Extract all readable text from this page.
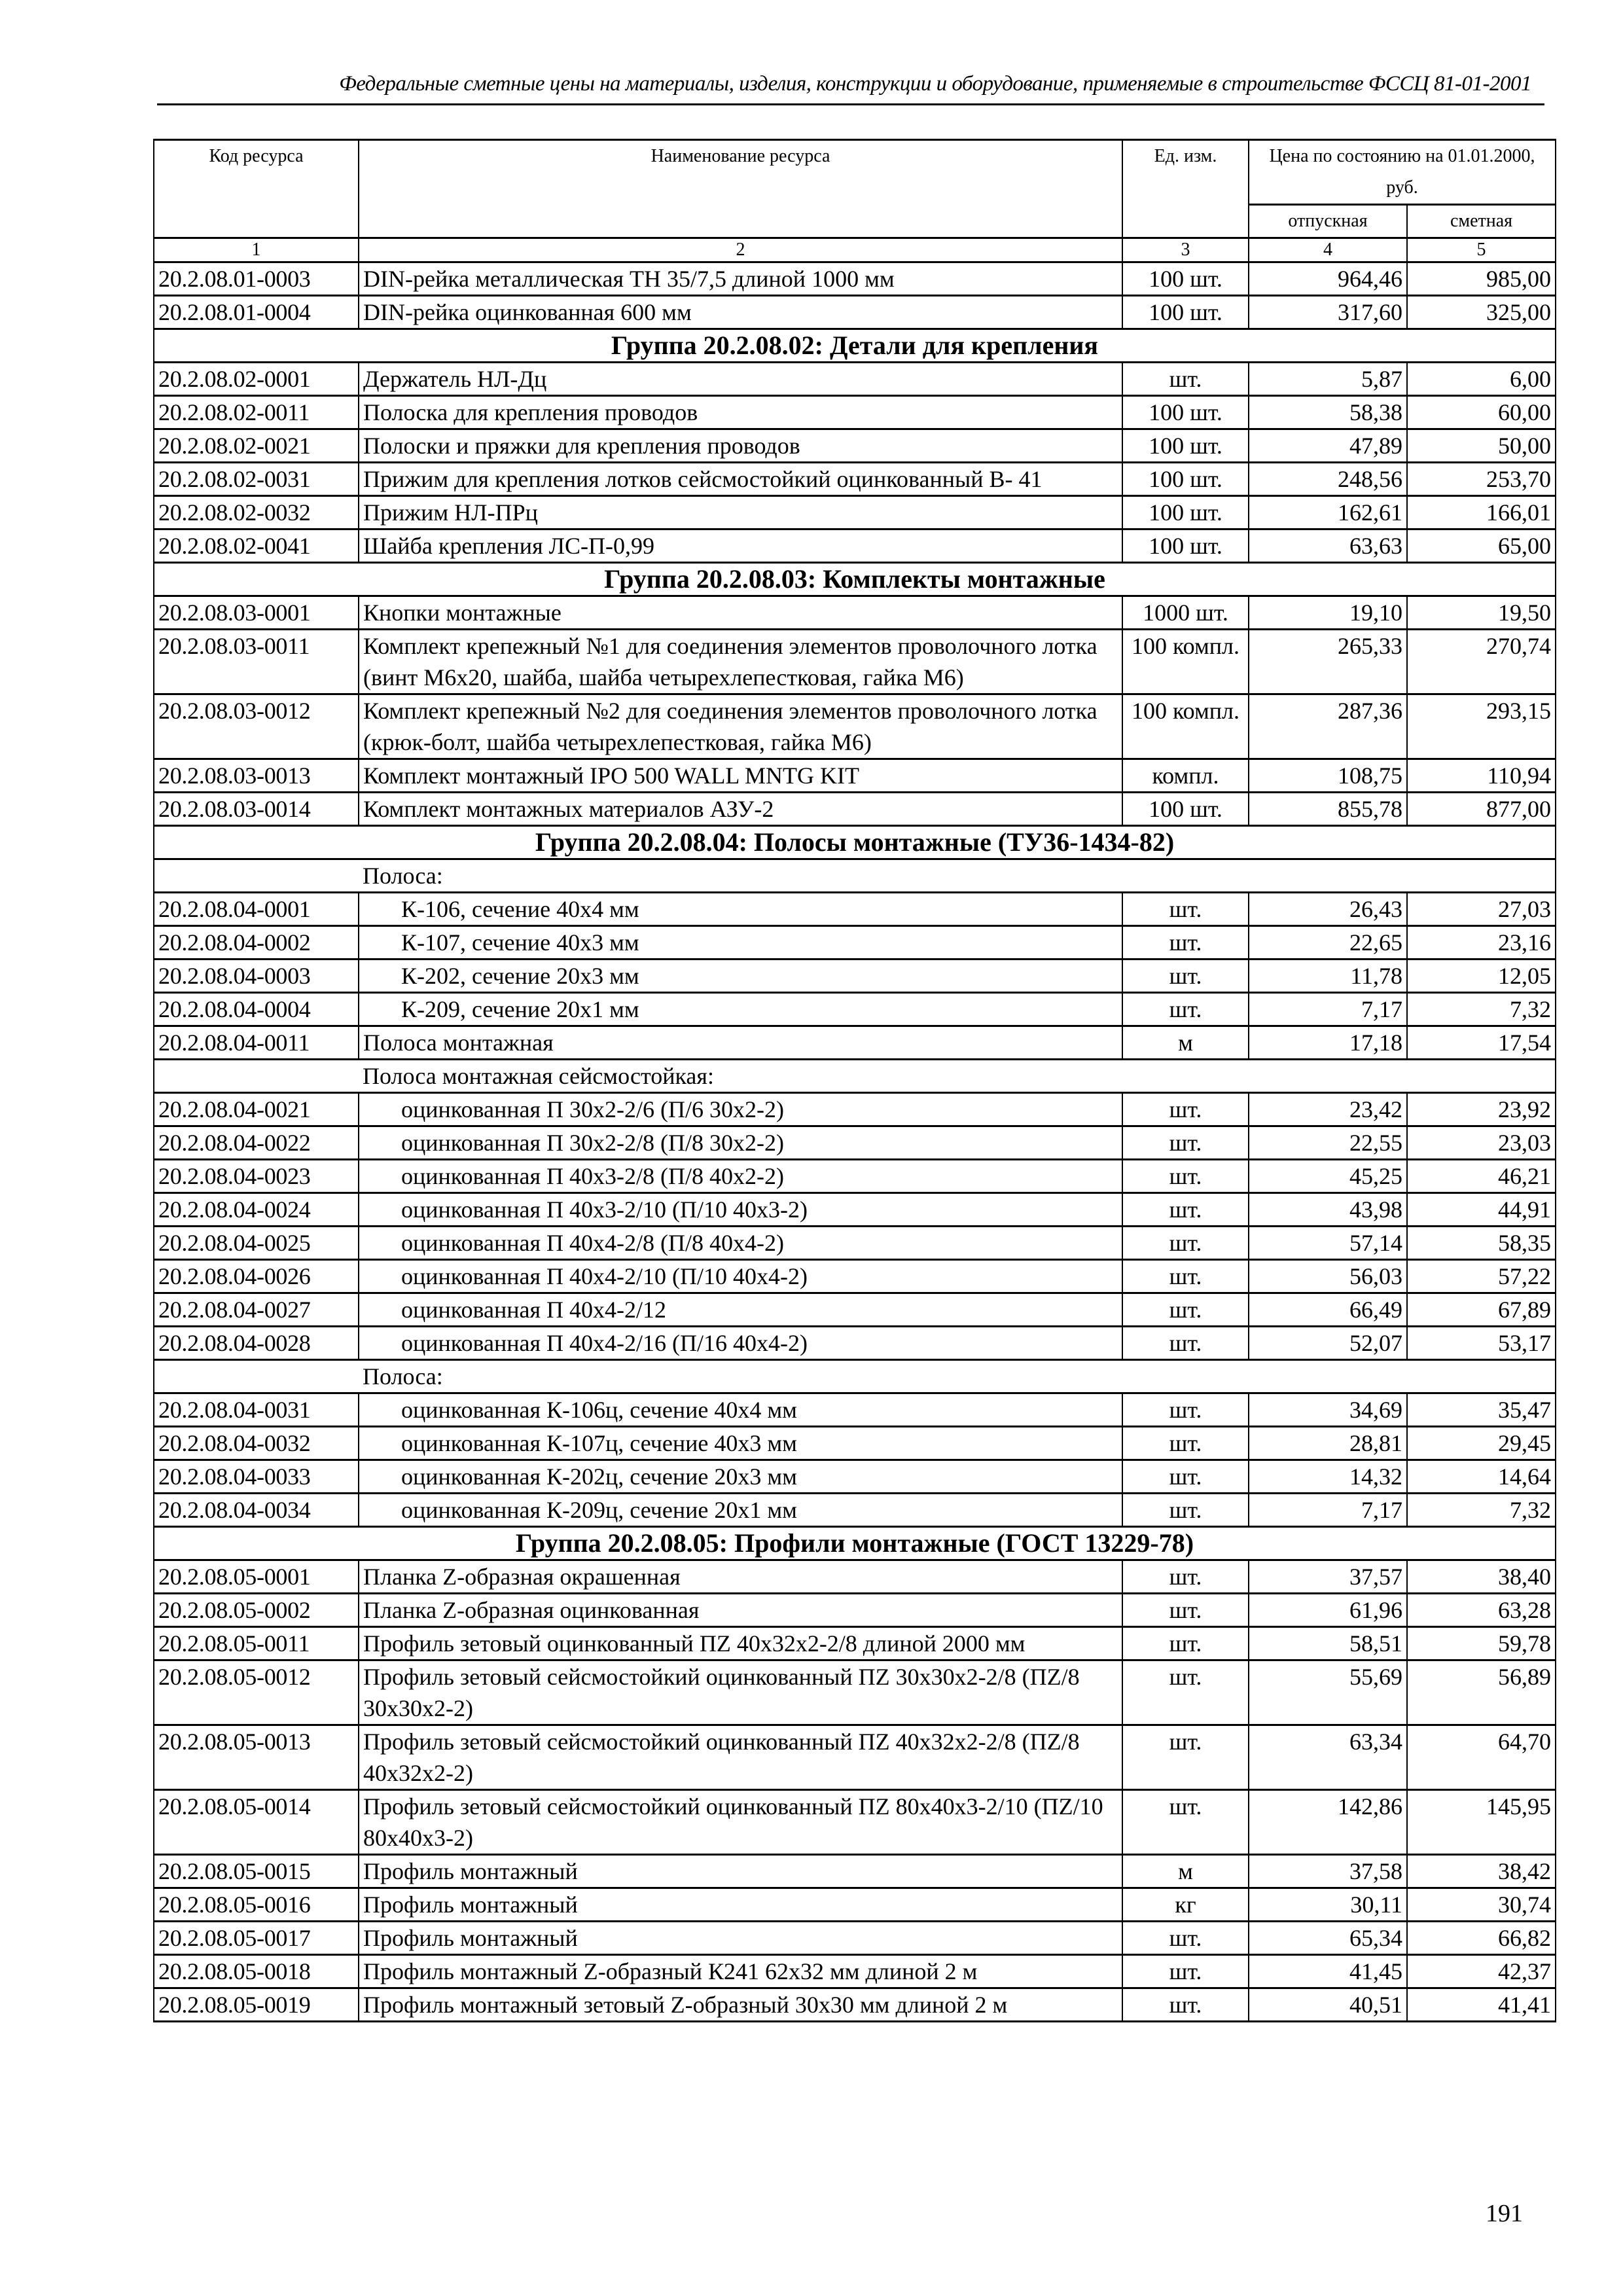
Федеральные сметные цены на материалы, изделия, конструкции и оборудование, применяемые в строительстве ФССЦ 81-01-2001
Код ресурса	Наименование ресурса	Ед. изм.	Цена по состоянию на 01.01.2000, руб.	
			отпускная	сметная
1	2	3	4	5
20.2.08.01-0003	DIN-рейка металлическая ТН 35/7,5 длиной 1000 мм	100 шт.	964,46	985,00
20.2.08.01-0004	DIN-рейка оцинкованная 600 мм	100 шт.	317,60	325,00
Группа 20.2.08.02: Детали для крепления				
20.2.08.02-0001	Держатель НЛ-Дц	шт.	5,87	6,00
20.2.08.02-0011	Полоска для крепления проводов	100 шт.	58,38	60,00
20.2.08.02-0021	Полоски и пряжки для крепления проводов	100 шт.	47,89	50,00
20.2.08.02-0031	Прижим для крепления лотков сейсмостойкий оцинкованный В- 41	100 шт.	248,56	253,70
20.2.08.02-0032	Прижим НЛ-ПРц	100 шт.	162,61	166,01
20.2.08.02-0041	Шайба крепления ЛС-П-0,99	100 шт.	63,63	65,00
Группа 20.2.08.03: Комплекты монтажные				
20.2.08.03-0001	Кнопки монтажные	1000 шт.	19,10	19,50
20.2.08.03-0011	Комплект крепежный №1 для соединения элементов проволочного лотка (винт М6х20, шайба, шайба четырехлепестковая, гайка М6)	100 компл.	265,33	270,74
20.2.08.03-0012	Комплект крепежный №2 для соединения элементов проволочного лотка (крюк-болт, шайба четырехлепестковая, гайка М6)	100 компл.	287,36	293,15
20.2.08.03-0013	Комплект монтажный IPO 500 WALL MNTG KIT	компл.	108,75	110,94
20.2.08.03-0014	Комплект монтажных материалов АЗУ-2	100 шт.	855,78	877,00
Группа 20.2.08.04: Полосы монтажные (ТУ36-1434-82)				
	Полоса:			
20.2.08.04-0001	К-106, сечение 40х4 мм	шт.	26,43	27,03
20.2.08.04-0002	К-107, сечение 40х3 мм	шт.	22,65	23,16
20.2.08.04-0003	К-202, сечение 20х3 мм	шт.	11,78	12,05
20.2.08.04-0004	К-209, сечение 20х1 мм	шт.	7,17	7,32
20.2.08.04-0011	Полоса монтажная	м	17,18	17,54
	Полоса монтажная сейсмостойкая:			
20.2.08.04-0021	оцинкованная П 30х2-2/6 (П/6 30х2-2)	шт.	23,42	23,92
20.2.08.04-0022	оцинкованная П 30х2-2/8 (П/8 30х2-2)	шт.	22,55	23,03
20.2.08.04-0023	оцинкованная П 40х3-2/8 (П/8 40х2-2)	шт.	45,25	46,21
20.2.08.04-0024	оцинкованная П 40х3-2/10 (П/10 40х3-2)	шт.	43,98	44,91
20.2.08.04-0025	оцинкованная П 40х4-2/8 (П/8 40х4-2)	шт.	57,14	58,35
20.2.08.04-0026	оцинкованная П 40х4-2/10 (П/10 40х4-2)	шт.	56,03	57,22
20.2.08.04-0027	оцинкованная П 40х4-2/12	шт.	66,49	67,89
20.2.08.04-0028	оцинкованная П 40х4-2/16 (П/16 40х4-2)	шт.	52,07	53,17
	Полоса:			
20.2.08.04-0031	оцинкованная К-106ц, сечение 40х4 мм	шт.	34,69	35,47
20.2.08.04-0032	оцинкованная К-107ц, сечение 40х3 мм	шт.	28,81	29,45
20.2.08.04-0033	оцинкованная К-202ц, сечение 20х3 мм	шт.	14,32	14,64
20.2.08.04-0034	оцинкованная К-209ц, сечение 20х1 мм	шт.	7,17	7,32
Группа 20.2.08.05: Профили монтажные (ГОСТ 13229-78)				
20.2.08.05-0001	Планка Z-образная окрашенная	шт.	37,57	38,40
20.2.08.05-0002	Планка Z-образная оцинкованная	шт.	61,96	63,28
20.2.08.05-0011	Профиль зетовый оцинкованный ПZ 40х32х2-2/8 длиной 2000 мм	шт.	58,51	59,78
20.2.08.05-0012	Профиль зетовый сейсмостойкий оцинкованный ПZ 30х30х2-2/8 (ПZ/8 30х30х2-2)	шт.	55,69	56,89
20.2.08.05-0013	Профиль зетовый сейсмостойкий оцинкованный ПZ 40х32х2-2/8 (ПZ/8 40х32х2-2)	шт.	63,34	64,70
20.2.08.05-0014	Профиль зетовый сейсмостойкий оцинкованный ПZ 80х40х3-2/10 (ПZ/10 80х40х3-2)	шт.	142,86	145,95
20.2.08.05-0015	Профиль монтажный	м	37,58	38,42
20.2.08.05-0016	Профиль монтажный	кг	30,11	30,74
20.2.08.05-0017	Профиль монтажный	шт.	65,34	66,82
20.2.08.05-0018	Профиль монтажный Z-образный К241 62х32 мм длиной 2 м	шт.	41,45	42,37
20.2.08.05-0019	Профиль монтажный зетовый Z-образный 30х30 мм длиной 2 м	шт.	40,51	41,41
191
